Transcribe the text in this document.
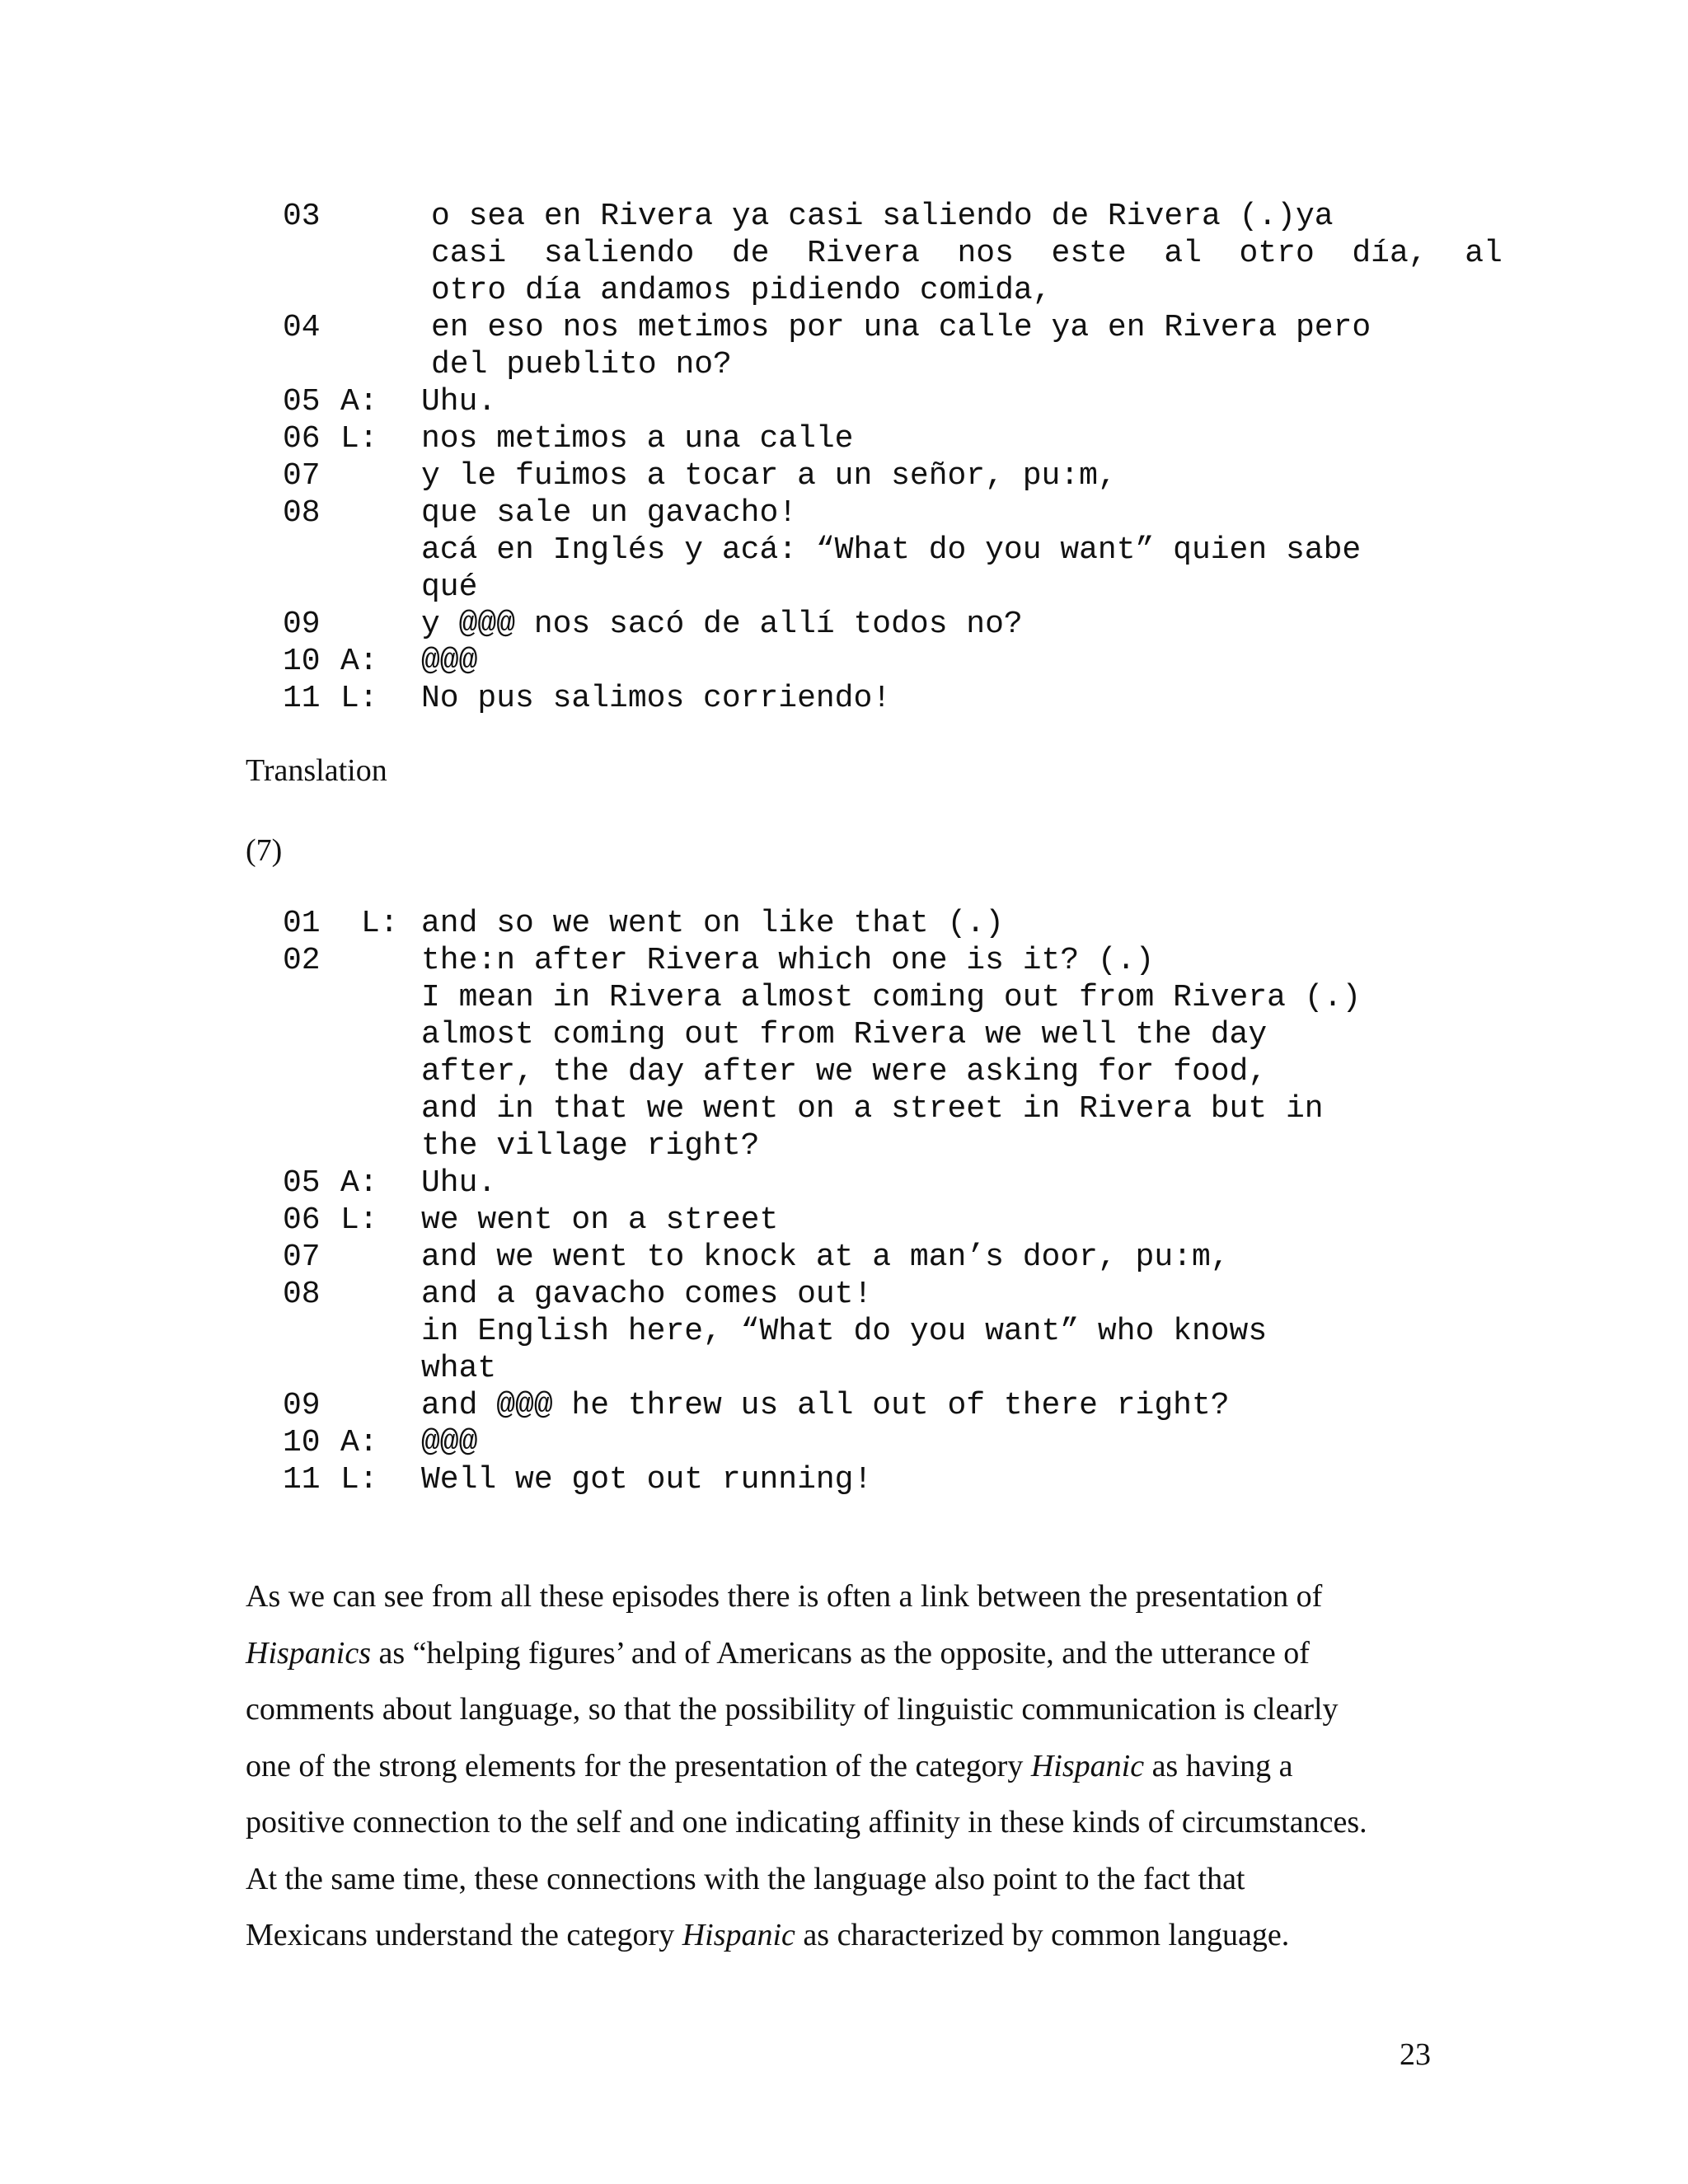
03	o sea en Rivera ya casi saliendo de Rivera (.)ya
casi  saliendo  de  Rivera  nos  este  al  otro  día,  al
otro día andamos pidiendo comida,
04	en eso nos metimos por una calle ya en Rivera pero
del pueblito no?
05 A: Uhu.
06 L: nos metimos a una calle
07	y le fuimos a tocar a un señor, pu:m,
08	que sale un gavacho!
acá en Inglés y acá: “What do you want” quien sabe
qué
09	y @@@ nos sacó de allí todos no?
10 A: @@@
11 L: No pus salimos corriendo!
Translation
(7)
01 L: and so we went on like that (.)
02	the:n after Rivera which one is it? (.)
I mean in Rivera almost coming out from Rivera (.)
almost coming out from Rivera we well the day
after, the day after we were asking for food,
and in that we went on a street in Rivera but in
the village right?
05 A: Uhu.
06 L: we went on a street
07	and we went to knock at a man’s door, pu:m,
08	and a gavacho comes out!
in English here, “What do you want” who knows
what
09	and @@@ he threw us all out of there right?
10 A: @@@
11 L: Well we got out running!

As we can see from all these episodes there is often a link between the presentation of

Hispanics as “helping figures’ and of Americans as the opposite, and the utterance of

comments about language, so that the possibility of linguistic communication is clearly

one of the strong elements for the presentation of the category Hispanic as having a

positive connection to the self and one indicating affinity in these kinds of circumstances.

At the same time, these connections with the language also point to the fact that

Mexicans understand the category Hispanic as characterized by common language.

23
